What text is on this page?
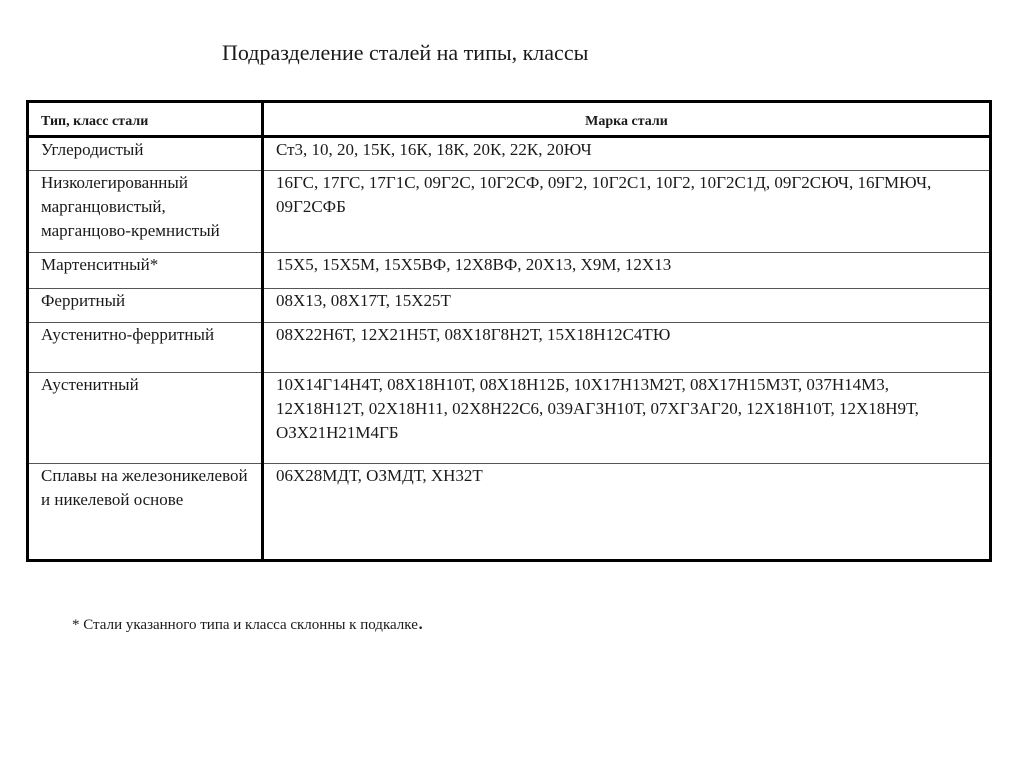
Подразделение сталей на типы, классы
Тип, класс стали	Марка стали
Углеродистый	Ст3, 10, 20, 15К, 16К, 18К, 20К, 22К, 20ЮЧ
Низколегированный марганцовистый, марганцово-кремнистый	16ГС, 17ГС, 17Г1С, 09Г2С, 10Г2СФ, 09Г2, 10Г2С1, 10Г2, 10Г2С1Д, 09Г2СЮЧ, 16ГМЮЧ, 09Г2СФБ
Мартенситный*	15Х5, 15Х5М, 15Х5ВФ, 12Х8ВФ, 20Х13, Х9М, 12Х13
Ферритный	08Х13, 08Х17Т, 15Х25Т
Аустенитно-ферритный	08Х22Н6Т, 12Х21Н5Т, 08Х18Г8Н2Т, 15Х18Н12С4ТЮ
Аустенитный	10Х14Г14Н4Т, 08Х18Н10Т, 08Х18Н12Б, 10Х17Н13М2Т, 08Х17Н15М3Т, 037Н14М3, 12Х18Н12Т, 02Х18Н11, 02Х8Н22С6, 039АГЗН10Т, 07ХГЗАГ20, 12Х18Н10Т, 12Х18Н9Т, ОЗХ21Н21М4ГБ
Сплавы на железоникелевой и никелевой основе	06Х28МДТ, ОЗМДТ, ХН32Т
* Стали указанного типа и класса склонны к подкалке.
